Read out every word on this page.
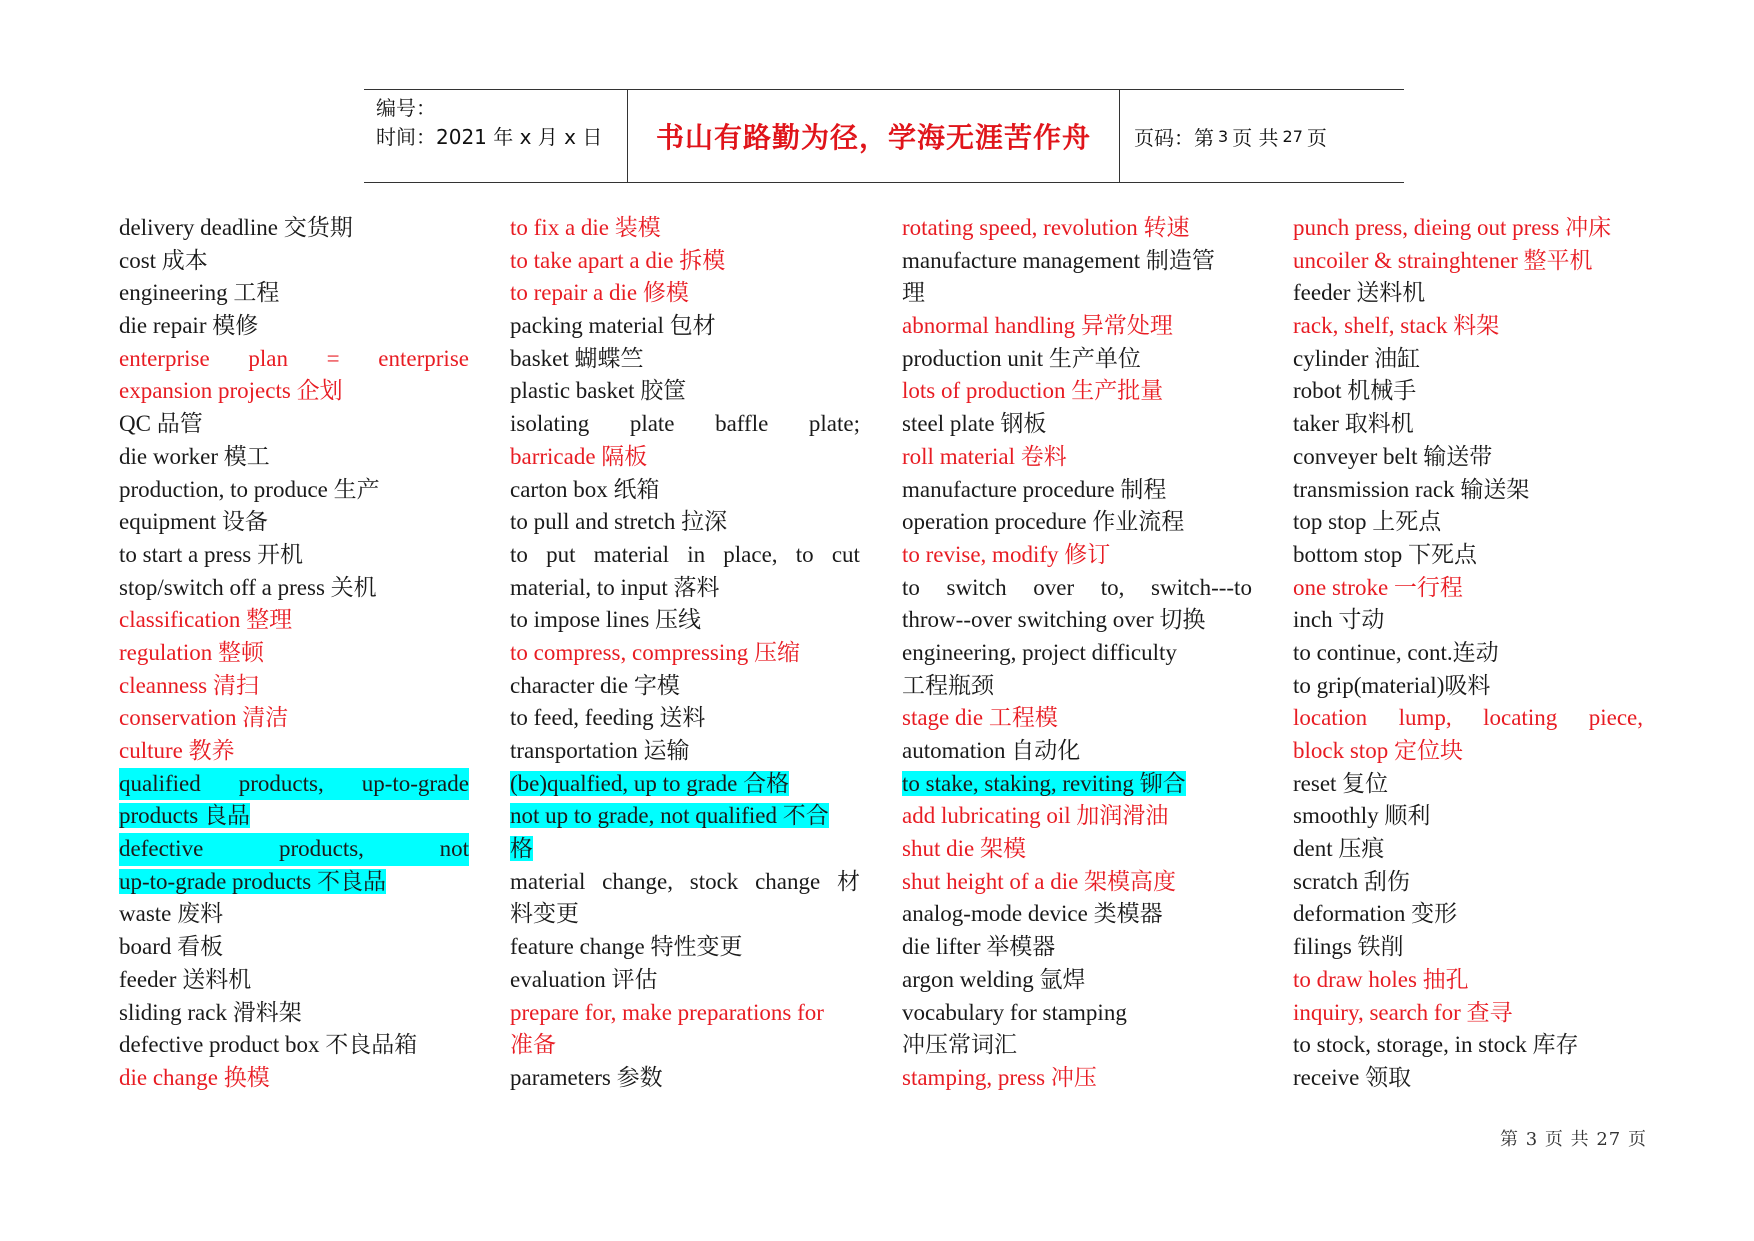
编号：
时间：2021 年 x 月 x 日	书山有路勤为径，学海无涯苦作舟	页码：第 3 页 共 27 页
delivery deadline 交货期
cost 成本
engineering 工程
die repair 模修
enterprise plan = enterprise
expansion projects 企划
QC 品管
die worker 模工
production, to produce 生产
equipment 设备
to start a press 开机
stop/switch off a press 关机
classification 整理
regulation 整顿
cleanness 清扫
conservation 清洁
culture 教养
qualified products, up-to-grade
products 良品
defective	products,	not
up-to-grade products 不良品
waste 废料
board 看板
feeder 送料机
sliding rack 滑料架
defective product box 不良品箱
die change 换模
to fix a die 装模
to take apart a die 拆模
to repair a die 修模
packing material 包材
basket 蝴蝶竺
plastic basket 胶筐
isolating plate baffle plate;
barricade 隔板
carton box 纸箱
to pull and stretch 拉深
to put material in place, to cut
material, to input 落料
to impose lines 压线
to compress, compressing 压缩
character die 字模
to feed, feeding 送料
transportation 运输
(be)qualfied, up to grade 合格
not up to grade, not qualified 不合
格
material change, stock change 材
料变更
feature change 特性变更
evaluation 评估
prepare for, make preparations for
准备
parameters 参数
rotating speed, revolution 转速
manufacture management 制造管
理
abnormal handling 异常处理
production unit 生产单位
lots of production 生产批量
steel plate 钢板
roll material 卷料
manufacture procedure 制程
operation procedure 作业流程
to revise, modify 修订
to switch over to, switch---to
throw--over switching over 切换
engineering, project difficulty
工程瓶颈
stage die 工程模
automation 自动化
to stake, staking, reviting 铆合
add lubricating oil 加润滑油
shut die 架模
shut height of a die 架模高度
analog-mode device 类模器
die lifter 举模器
argon welding 氩焊
vocabulary for stamping
冲压常词汇
stamping, press 冲压
punch press, dieing out press 冲床
uncoiler & strainghtener 整平机
feeder 送料机
rack, shelf, stack 料架
cylinder 油缸
robot 机械手
taker 取料机
conveyer belt 输送带
transmission rack 输送架
top stop 上死点
bottom stop 下死点
one stroke 一行程
inch 寸动
to continue, cont.连动
to grip(material)吸料
location lump, locating piece,
block stop 定位块
reset 复位
smoothly 顺利
dent 压痕
scratch 刮伤
deformation 变形
filings 铁削
to draw holes 抽孔
inquiry, search for 查寻
to stock, storage, in stock 库存
receive 领取
第 3 页 共 27 页
